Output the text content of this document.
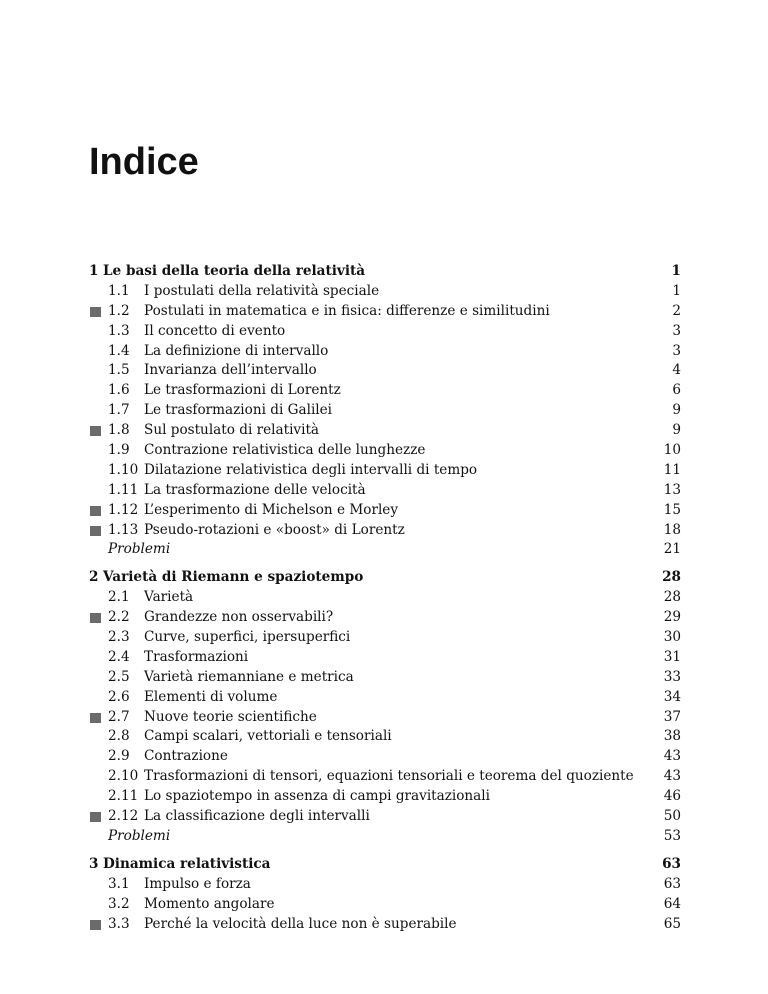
Indice
1 Le basi della teoria della relatività	1
1.1 I postulati della relatività speciale	1
1.2 Postulati in matematica e in fisica: differenze e similitudini	2
1.3 Il concetto di evento	3
1.4 La definizione di intervallo	3
1.5 Invarianza dell’intervallo	4
1.6 Le trasformazioni di Lorentz	6
1.7 Le trasformazioni di Galilei	9
1.8 Sul postulato di relatività	9
1.9 Contrazione relativistica delle lunghezze	10
1.10 Dilatazione relativistica degli intervalli di tempo	11
1.11 La trasformazione delle velocità	13
1.12 L’esperimento di Michelson e Morley	15
1.13 Pseudo-rotazioni e «boost» di Lorentz	18
Problemi	21
2 Varietà di Riemann e spaziotempo	28
2.1 Varietà	28
2.2 Grandezze non osservabili?	29
2.3 Curve, superfici, ipersuperfici	30
2.4 Trasformazioni	31
2.5 Varietà riemanniane e metrica	33
2.6 Elementi di volume	34
2.7 Nuove teorie scientifiche	37
2.8 Campi scalari, vettoriali e tensoriali	38
2.9 Contrazione	43
2.10 Trasformazioni di tensori, equazioni tensoriali e teorema del quoziente 43
2.11 Lo spaziotempo in assenza di campi gravitazionali	46
2.12 La classificazione degli intervalli	50
Problemi	53
3 Dinamica relativistica	63
3.1 Impulso e forza	63
3.2 Momento angolare	64
3.3 Perché la velocità della luce non è superabile	65
